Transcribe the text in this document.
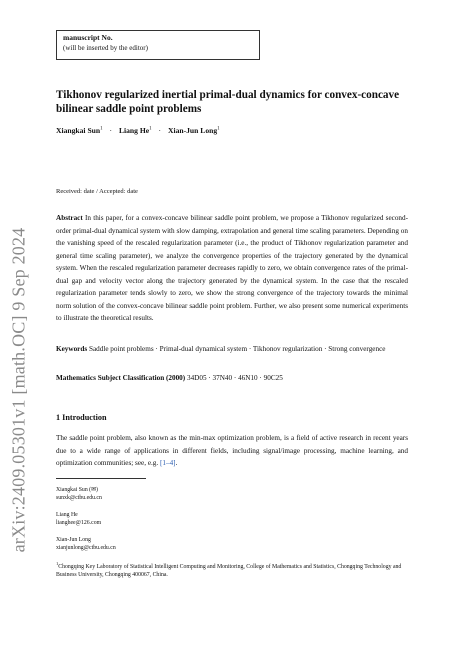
arXiv:2409.05301v1 [math.OC] 9 Sep 2024
manuscript No.
(will be inserted by the editor)
Tikhonov regularized inertial primal-dual dynamics for convex-concave bilinear saddle point problems
Xiangkai Sun$^1$ · Liang $He^1$ · Xian-Jun Long$^1$
Received: date / Accepted: date
Abstract In this paper, for a convex-concave bilinear saddle point problem, we propose a Tikhonov regularized second-order primal-dual dynamical system with slow damping, extrapolation and general time scaling parameters. Depending on the vanishing speed of the rescaled regularization parameter (i.e., the product of Tikhonov regularization parameter and general time scaling parameter), we analyze the convergence properties of the trajectory generated by the dynamical system. When the rescaled regularization parameter decreases rapidly to zero, we obtain convergence rates of the primal-dual gap and velocity vector along the trajectory generated by the dynamical system. In the case that the rescaled regularization parameter tends slowly to zero, we show the strong convergence of the trajectory towards the minimal norm solution of the convex-concave bilinear saddle point problem. Further, we also present some numerical experiments to illustrate the theoretical results.
Keywords Saddle point problems · Primal-dual dynamical system · Tikhonov regularization · Strong convergence
Mathematics Subject Classification (2000) 34D05 · 37N40 · 46N10 · 90C25
1 Introduction
The saddle point problem, also known as the min-max optimization problem, is a field of active research in recent years due to a wide range of applications in different fields, including signal/image processing, machine learning, and optimization communities; see, e.g. [1–4].
Xiangkai Sun (✉)
sunxk@ctbu.edu.cn
Liang He
lianghee@126.com
Xian-Jun Long
xianjunlong@ctbu.edu.cn
$^1$Chongqing Key Laboratory of Statistical Intelligent Computing and Monitoring, College of Mathematics and Statistics, Chongqing Technology and Business University, Chongqing 400067, China.
